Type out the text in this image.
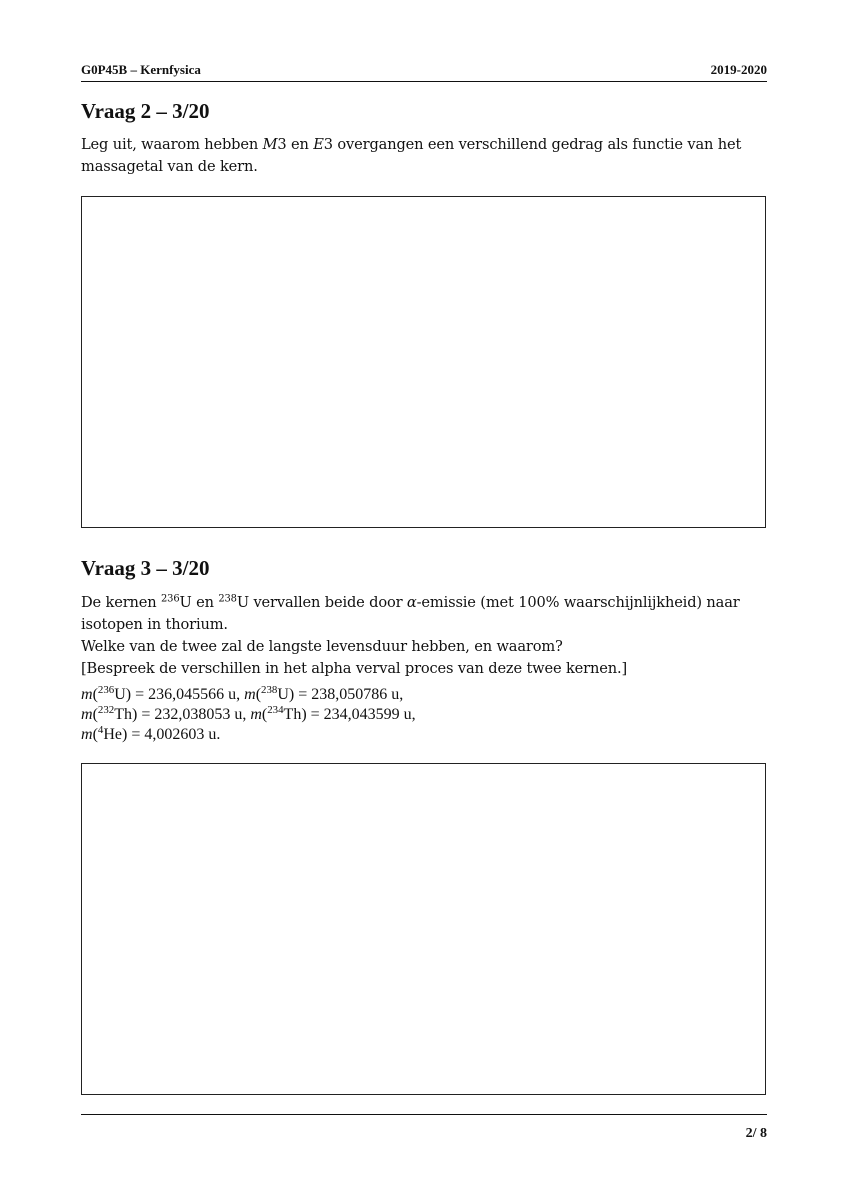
G0P45B – Kernfysica	2019-2020
Vraag 2 – 3/20
Leg uit, waarom hebben M3 en E3 overgangen een verschillend gedrag als functie van het massagetal van de kern.
Vraag 3 – 3/20
De kernen $^{236}$U en $^{238}$U vervallen beide door α-emissie (met 100% waarschijnlijkheid) naar isotopen in thorium.
Welke van de twee zal de langste levensduur hebben, en waarom?
[Bespreek de verschillen in het alpha verval proces van deze twee kernen.]
m($^{236}$U) = 236,045566 u, m($^{238}$U) = 238,050786 u,
m($^{232}$Th) = 232,038053 u, m($^{234}$Th) = 234,043599 u,
m($^4$He) = 4,002603 u.
2/ 8
